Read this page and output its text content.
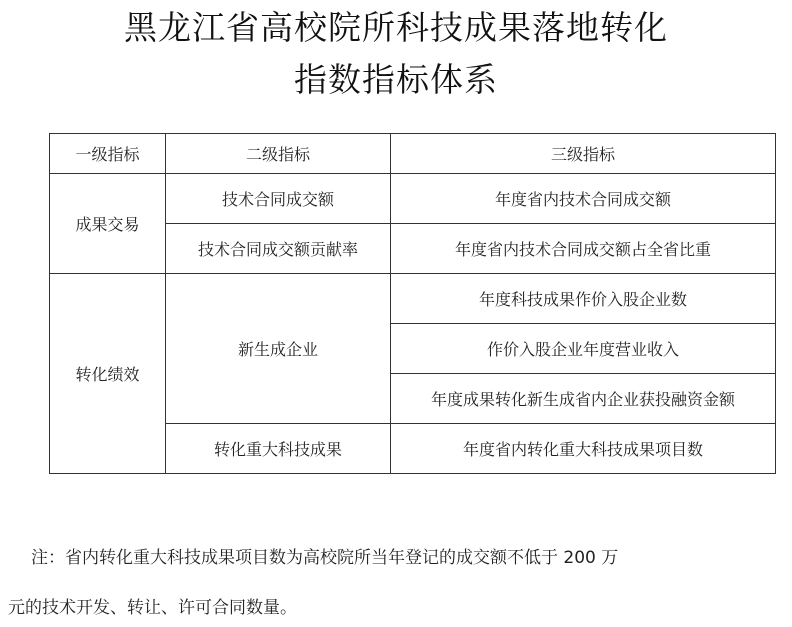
黑龙江省高校院所科技成果落地转化
指数指标体系
一级指标	二级指标	三级指标
成果交易	技术合同成交额	年度省内技术合同成交额
	技术合同成交额贡献率	年度省内技术合同成交额占全省比重
转化绩效	新生成企业	年度科技成果作价入股企业数
		作价入股企业年度营业收入
		年度成果转化新生成省内企业获投融资金额
	转化重大科技成果	年度省内转化重大科技成果项目数
注：省内转化重大科技成果项目数为高校院所当年登记的成交额不低于 200 万
元的技术开发、转让、许可合同数量。
